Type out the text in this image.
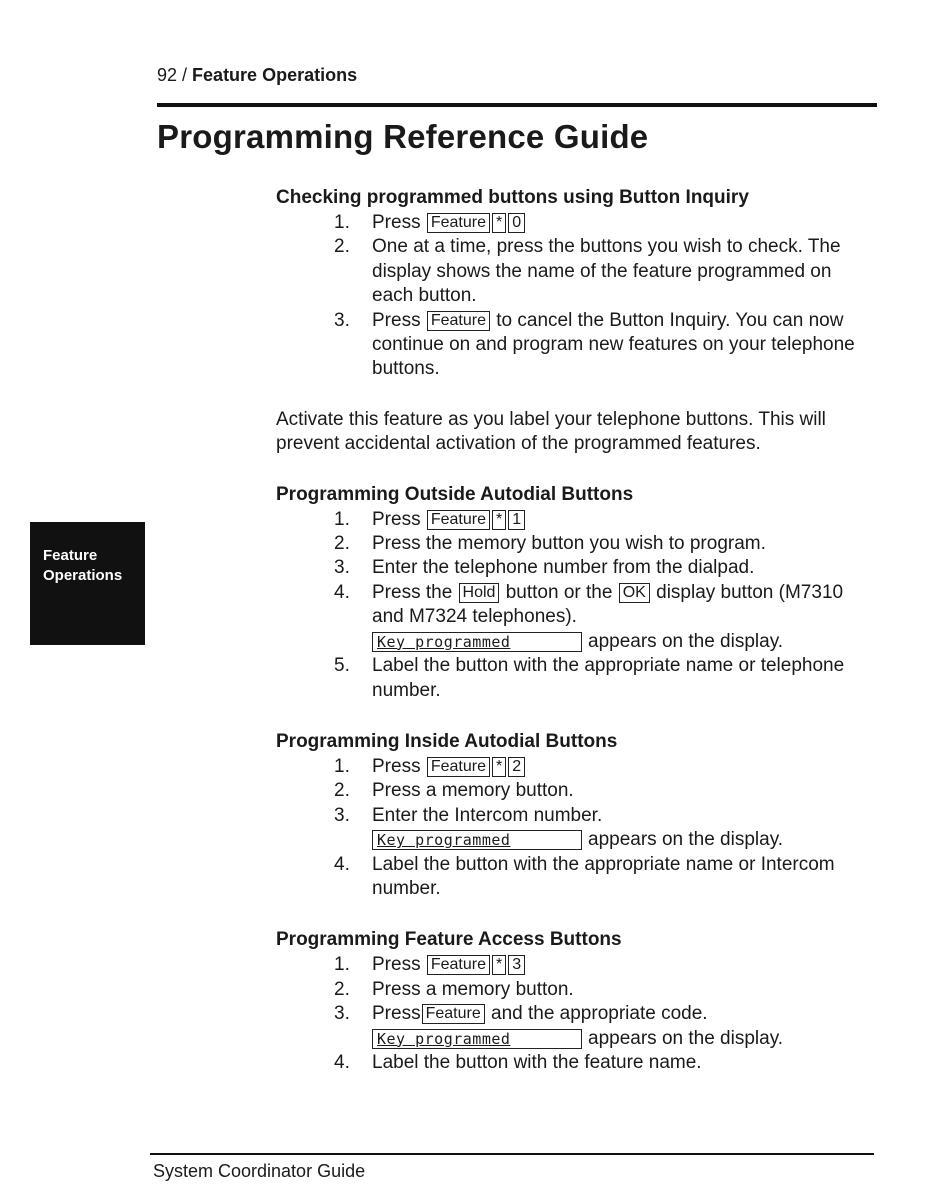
92 / Feature Operations
Programming Reference Guide
Feature
Operations
Checking programmed buttons using Button Inquiry
1. Press Feature * 0
2. One at a time, press the buttons you wish to check. The display shows the name of the feature programmed on each button.
3. Press Feature to cancel the Button Inquiry. You can now continue on and program new features on your telephone buttons.

Activate this feature as you label your telephone buttons. This will prevent accidental activation of the programmed features.

Programming Outside Autodial Buttons
1. Press Feature * 1
2. Press the memory button you wish to program.
3. Enter the telephone number from the dialpad.
4. Press the Hold button or the OK display button (M7310 and M7324 telephones).
Key programmed	appears on the display.
5. Label the button with the appropriate name or telephone number.
Programming Inside Autodial Buttons
1. Press Feature * 2
2. Press a memory button.
3. Enter the Intercom number.
Key programmed	appears on the display.
4. Label the button with the appropriate name or Intercom number.
Programming Feature Access Buttons
1. Press Feature * 3
2. Press a memory button.
3. Press Feature and the appropriate code.
Key programmed	appears on the display.
4. Label the button with the feature name.
System Coordinator Guide
